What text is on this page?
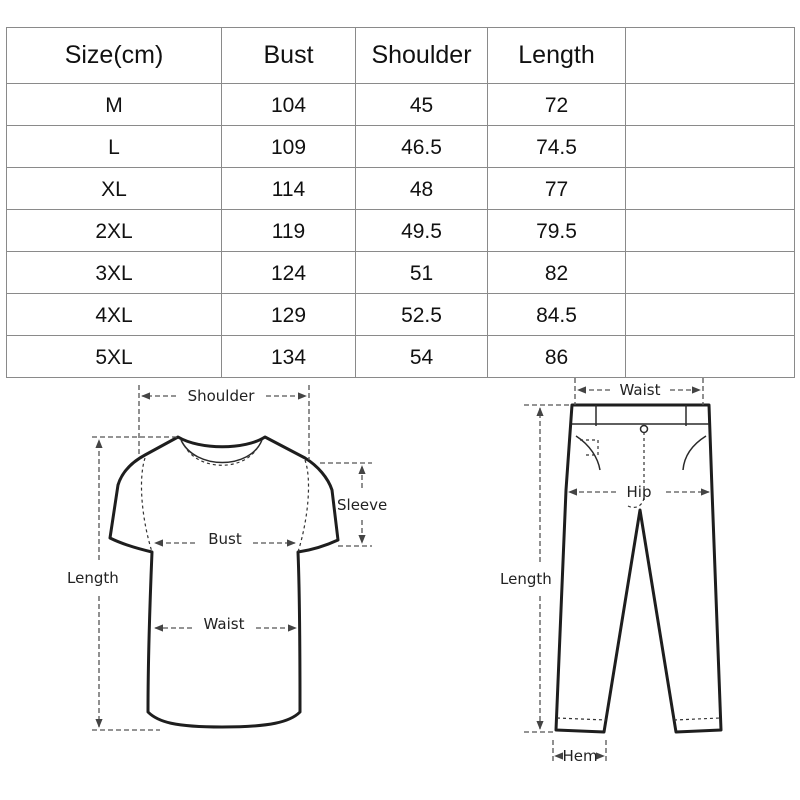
Size(cm)	Bust	Shoulder	Length	
M	104	45	72	
L	109	46.5	74.5	
XL	114	48	77	
2XL	119	49.5	79.5	
3XL	124	51	82	
4XL	129	52.5	84.5	
5XL	134	54	86	
Shoulder
Sleeve
Bust
Waist
Length
Waist
Hip
Length
Hem
